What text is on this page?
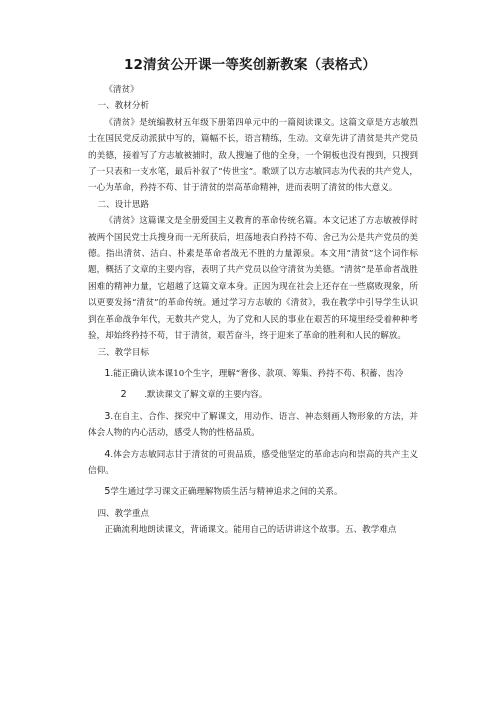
12清贫公开课一等奖创新教案（表格式）

《清贫》

一、教材分析

《清贫》是统编教材五年级下册第四单元中的一篇阅读课文。这篇文章是方志敏烈士在国民党反动派狱中写的，篇幅不长，语言精练，生动。文章先讲了清贫是共产党员的美德，接着写了方志敏被捕时，敌人搜遍了他的全身，一个铜板也没有搜到，只搜到了一只表和一支水笔，最后补叙了“传世宝”。歌颂了以方志敏同志为代表的共产党人，一心为革命，矜持不苟、甘于清贫的崇高革命精神，进而表明了清贫的伟大意义。

二、设计思路

《清贫》这篇课文是全册爱国主义教育的革命传统名篇。本文记述了方志敏被俘时被两个国民党士兵搜身而一无所获后，坦荡地表白矜持不苟、舍己为公是共产党员的美德。指出清贫、洁白、朴素是革命者战无不胜的力量源泉。本文用“清贫”这个词作标题，概括了文章的主要内容，表明了共产党员以俭守清贫为美德。“清贫”是革命者战胜困难的精神力量，它超越了这篇文章本身。正因为现在社会上还存在一些腐败现象，所以更要发扬“清贫”的革命传统。通过学习方志敏的《清贫》，我在教学中引导学生认识到在革命战争年代，无数共产党人，为了党和人民的事业在艰苦的环境里经受着种种考验，却始终矜持不苟，甘于清贫，艰苦奋斗，终于迎来了革命的胜利和人民的解放。

三、教学目标

1.能正确认读本课10个生字，理解“奢侈、款项、筹集、矜持不苟、积蓄、齿冷

2 .默读课文了解文章的主要内容。

3.在自主、合作、探究中了解课文，用动作、语言、神态刻画人物形象的方法，并体会人物的内心活动，感受人物的性格品质。

4.体会方志敏同志甘于清贫的可贵品质，感受他坚定的革命志向和崇高的共产主义信仰。

5学生通过学习课文正确理解物质生活与精神追求之间的关系。

四、教学重点

正确流利地朗读课文，背诵课文。能用自己的话讲讲这个故事。五、教学难点
